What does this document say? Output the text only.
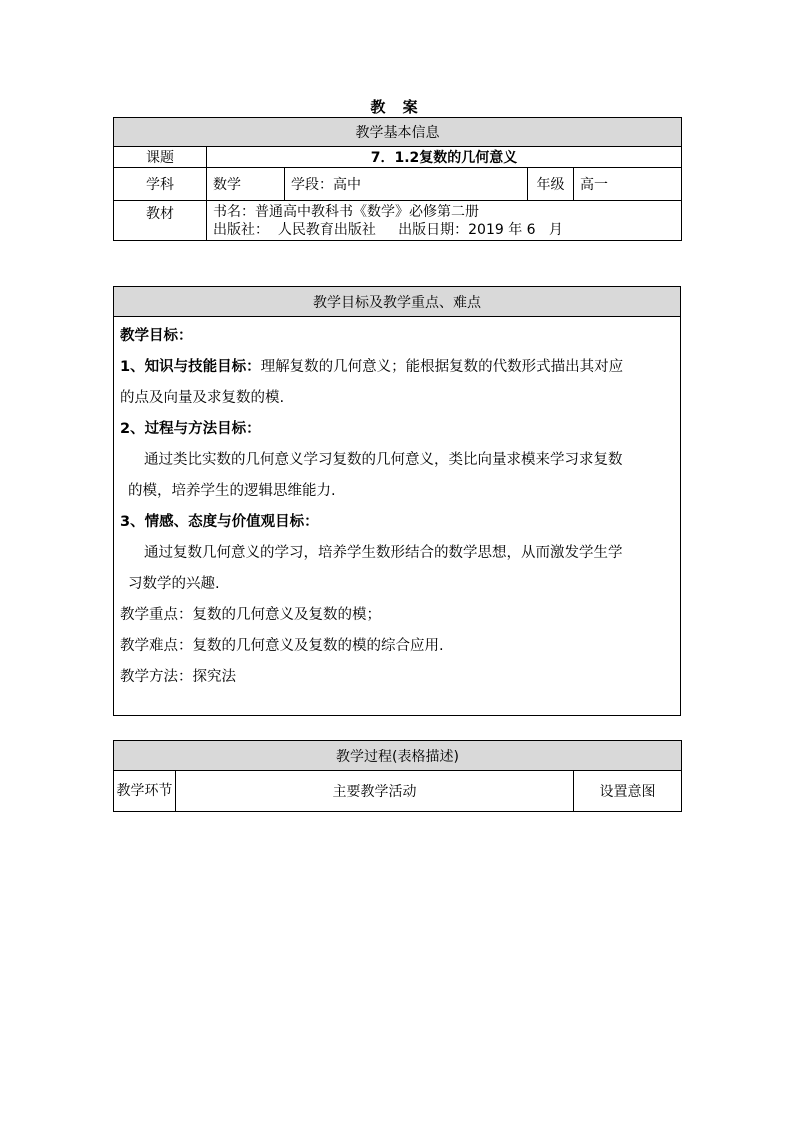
教 案
教学基本信息				
课题	7．1.2复数的几何意义			
学科	数学	学段：高中	年级	高一
教材	书名：普通高中教科书《数学》必修第二册
出版社：  人民教育出版社     出版日期：2019 年 6   月			
教学目标及教学重点、难点

教学目标：

1、知识与技能目标：理解复数的几何意义；能根据复数的代数形式描出其对应

的点及向量及求复数的模.

2、过程与方法目标：

通过类比实数的几何意义学习复数的几何意义，类比向量求模来学习求复数

的模，培养学生的逻辑思维能力.

3、情感、态度与价值观目标：

通过复数几何意义的学习，培养学生数形结合的数学思想，从而激发学生学

习数学的兴趣.

教学重点：复数的几何意义及复数的模；

教学难点：复数的几何意义及复数的模的综合应用.

教学方法：探究法

教学过程(表格描述)
教学环节	主要教学活动	设置意图
